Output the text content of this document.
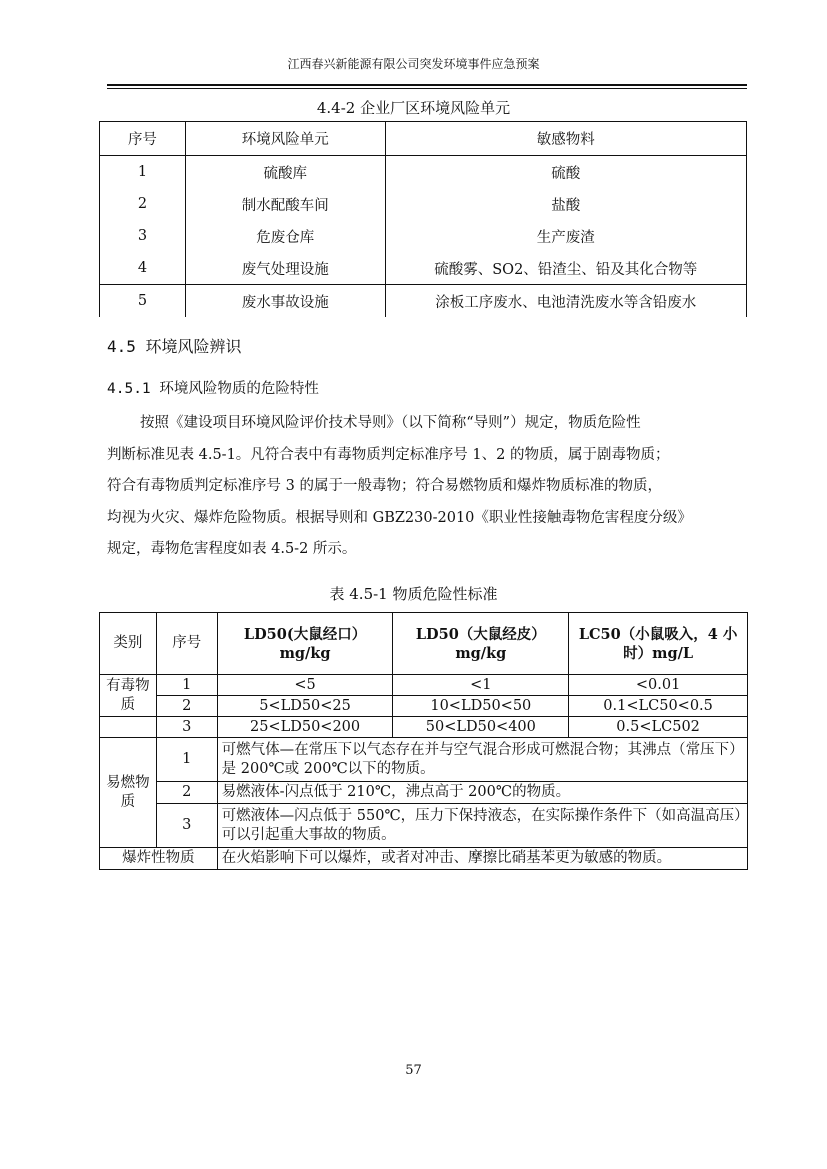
江西春兴新能源有限公司突发环境事件应急预案
4.4-2 企业厂区环境风险单元
序号	环境风险单元	敏感物料
1	硫酸库	硫酸
2	制水配酸车间	盐酸
3	危废仓库	生产废渣
4	废气处理设施	硫酸雾、SO2、铅渣尘、铅及其化合物等
5	废水事故设施	涂板工序废水、电池清洗废水等含铅废水
4.5 环境风险辨识
4.5.1 环境风险物质的危险特性
按照《建设项目环境风险评价技术导则》（以下简称“导则”）规定，物质危险性
判断标准见表 4.5-1。凡符合表中有毒物质判定标准序号 1、2 的物质，属于剧毒物质；
符合有毒物质判定标准序号 3 的属于一般毒物；符合易燃物质和爆炸物质标准的物质，
均视为火灾、爆炸危险物质。根据导则和 GBZ230-2010《职业性接触毒物危害程度分级》
规定，毒物危害程度如表 4.5-2 所示。
表 4.5-1 物质危险性标准
类别	序号	LD50(大鼠经口）mg/kg	LD50（大鼠经皮）mg/kg	LC50（小鼠吸入，4 小时）mg/L
有毒物质	1	<5	<1	<0.01
	2	5<LD50<25	10<LD50<50	0.1<LC50<0.5
	3	25<LD50<200	50<LD50<400	0.5<LC502
易燃物质	1	可燃气体—在常压下以气态存在并与空气混合形成可燃混合物；其沸点（常压下）是 200℃或 200℃以下的物质。		
	2	易燃液体-闪点低于 210℃，沸点高于 200℃的物质。		
	3	可燃液体—闪点低于 550℃，压力下保持液态，在实际操作条件下（如高温高压）可以引起重大事故的物质。		
爆炸性物质		在火焰影响下可以爆炸，或者对冲击、摩擦比硝基苯更为敏感的物质。		
57
